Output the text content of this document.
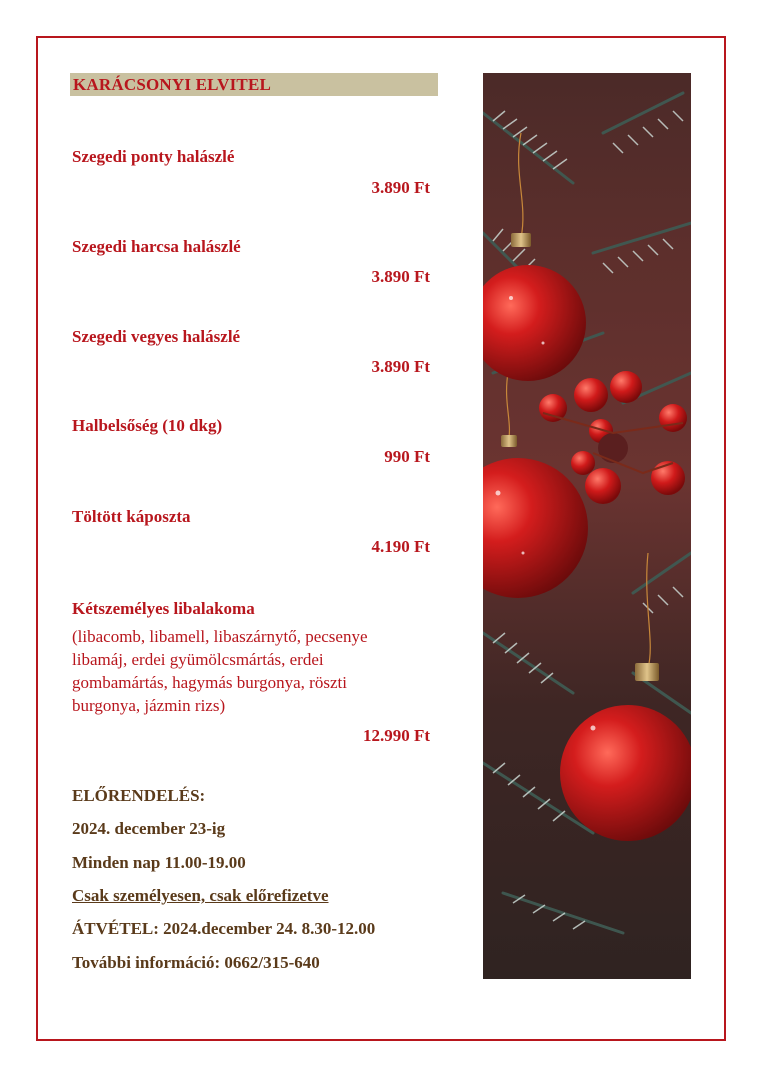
KARÁCSONYI ELVITEL
Szegedi ponty halászlé
3.890 Ft
Szegedi harcsa halászlé
3.890 Ft
Szegedi vegyes halászlé
3.890 Ft
Halbelsőség (10 dkg)
990 Ft
Töltött káposzta
4.190 Ft
Kétszemélyes libalakoma
(libacomb, libamell, libaszárnytő, pecsenye libamáj, erdei gyümölcsmártás, erdei gombamártás, hagymás burgonya, röszti burgonya, jázmin rizs)
12.990 Ft
ELŐRENDELÉS:
2024. december 23-ig
Minden nap 11.00-19.00
Csak személyesen, csak előrefizetve
ÁTVÉTEL: 2024.december 24. 8.30-12.00
További információ: 0662/315-640
